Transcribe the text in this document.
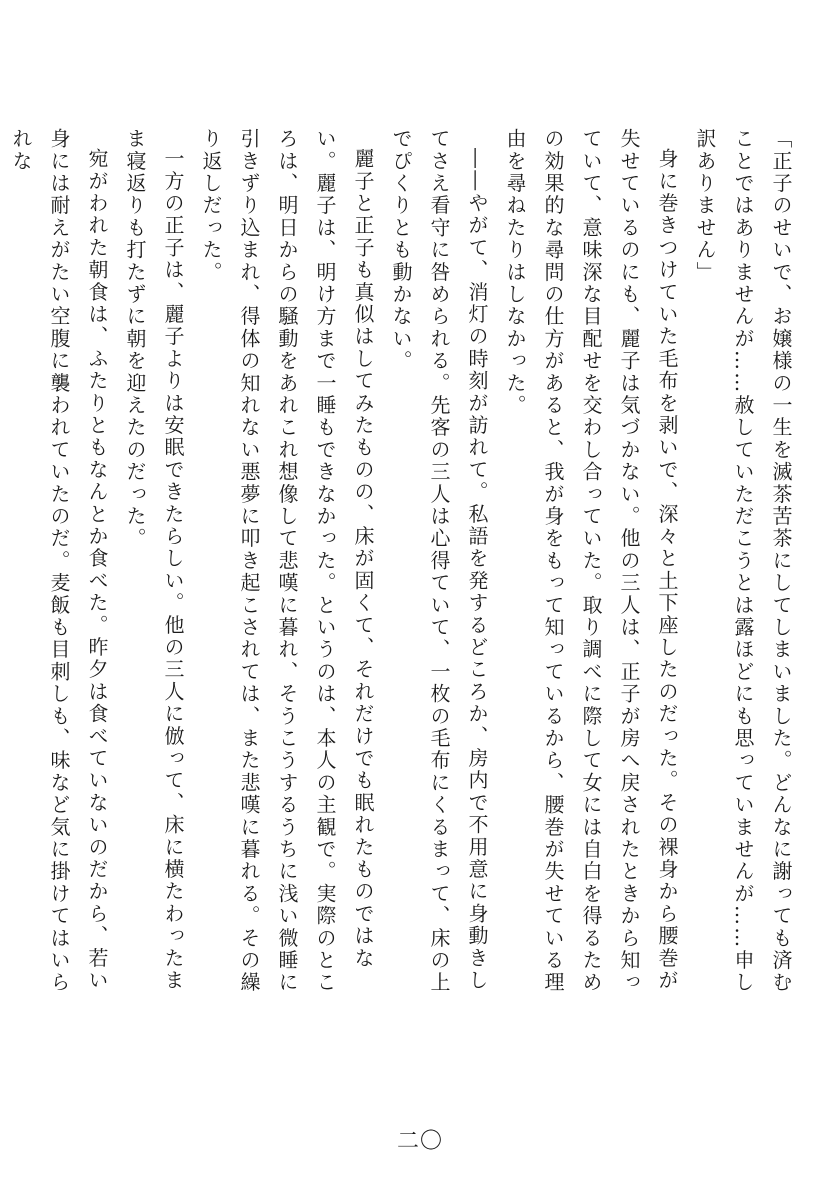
「正子のせいで、お嬢様の一生を滅茶苦茶にしてしまいました。どんなに謝っても済むことではありませんが……赦していただこうとは露ほどにも思っていませんが……申し訳ありません」

身に巻きつけていた毛布を剥いで、深々と土下座したのだった。その裸身から腰巻が失せているのにも、麗子は気づかない。他の三人は、正子が房へ戻されたときから知っていて、意味深な目配せを交わし合っていた。取り調べに際して女には自白を得るための効果的な尋問の仕方があると、我が身をもって知っているから、腰巻が失せている理由を尋ねたりはしなかった。

――やがて、消灯の時刻が訪れて。私語を発するどころか、房内で不用意に身動きしてさえ看守に咎められる。先客の三人は心得ていて、一枚の毛布にくるまって、床の上でぴくりとも動かない。

麗子と正子も真似はしてみたものの、床が固くて、それだけでも眠れたものではない。麗子は、明け方まで一睡もできなかった。というのは、本人の主観で。実際のところは、明日からの騒動をあれこれ想像して悲嘆に暮れ、そうこうするうちに浅い微睡に引きずり込まれ、得体の知れない悪夢に叩き起こされては、また悲嘆に暮れる。その繰り返しだった。

一方の正子は、麗子よりは安眠できたらしい。他の三人に倣って、床に横たわったまま寝返りも打たずに朝を迎えたのだった。

宛がわれた朝食は、ふたりともなんとか食べた。昨夕は食べていないのだから、若い身には耐えがたい空腹に襲われていたのだ。麦飯も目刺しも、味など気に掛けてはいられな

二〇
